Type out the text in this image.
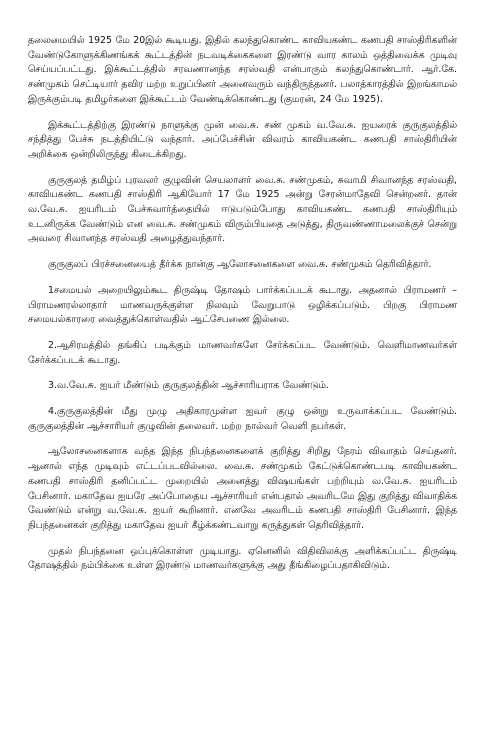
தலைமையில் 1925 மே 20இல் கூடியது. இதில் கலந்துகொண்ட காவியகண்ட கணபதி சாஸ்திரிகளின் வேண்டுகோளுக்கிணங்கக் கூட்டத்தின் நடவடிக்கைகளை இரண்டு வார காலம் ஒத்திவைக்க முடிவு செய்யப்பட்டது. இக்கூட்டத்தில் சரவணானந்த சரஸ்வதி என்பாரும் கலந்துகொண்டார். ஆர்.கே. சண்முகம் செட்டியார் தவிர மற்ற உறுப்பினர் அனைவரும் வந்திருந்தனர். பலாத்காரத்தில் இறங்காமல் இருக்கும்படி தமிழர்களை இக்கூட்டம் வேண்டிக்கொண்டது (குமரன், 24 மே 1925).

இக்கூட்டத்திற்கு இரண்டு நாளுக்கு முன் வை.சு. சண் முகம் வ.வே.சு. ஐயரைக் குருகுலத்தில் சந்தித்து பேச்சு நடத்தியிட்டு வந்தார். அப்பேச்சின் விவரம் காவியகண்ட கணபதி சாஸ்திரியின் அறிக்கை ஒன்றிலிருந்து கிடைக்கிறது.

குருகுலத் தமிழ்ப் புரவலர் குழுவின் செயலாளர் வை.சு. சண்முகம், சுவாமி சிவானந்த சரஸ்வதி, காவியகண்ட கணபதி சாஸ்திரி ஆகியோர் 17 மே 1925 அன்று சேரன்மாதேவி சென்றனர். தான் வ.வே.சு. ஐயரிடம் பேச்சுவார்த்தையில் ஈடுபடும்போது காவியகண்ட கணபதி சாஸ்திரியும் உடனிருக்க வேண்டும் என வை.சு. சண்முகம் விரும்பியதை அடுத்து, திருவண்ணாமலைக்குச் சென்று அவரை சிவானந்த சரஸ்வதி அழைத்துவந்தார்.

குருகுலப் பிரச்சனையைத் தீர்க்க நான்கு ஆலோசனைகளை வை.சு. சண்முகம் தெரிவித்தார்.

1சமையல் அறையிலும்கூட திருஷ்டி தோஷம் பார்க்கப்படக் கூடாது. அதனால் பிராமணர் – பிராமணரல்லாதார் மாணவருக்குள்ள நிலவும் வேறுபாடு ஒழிக்கப்படும். பிறகு பிராமண சமையல்காரரை வைத்துக்கொள்வதில் ஆட்சேபணை இல்லை.

2.ஆசிரமத்தில் தங்கிப் படிக்கும் மாணவர்களே சேர்க்கப்பட வேண்டும். வெளிமாணவர்கள் சேர்க்கப்படக் கூடாது.

3.வ.வே.சு. ஐயர் மீண்டும் குருகுலத்தின் ஆச்சாரியராக வேண்டும்.

4.குருகுலத்தின் மீது முழு அதிகாரமுள்ள ஐவர் குழு ஒன்று உருவாக்கப்பட வேண்டும். குருகுலத்தின் ஆச்சாரியர் குழுவின் தலைவர். மற்ற நால்வர் வெளி நபர்கள்.

ஆலோசனைகளாக வந்த இந்த நிபந்தனைகளைக் குறித்து சிறிது நேரம் விவாதம் செய்தனர். ஆனால் எந்த முடிவும் எட்டப்படவில்லை. வை.சு. சண்முகம் கேட்டுக்கொண்டபடி காவியகண்ட கணபதி சாஸ்திரி தனிப்பட்ட முறையில் அனைத்து விஷயங்கள் பற்றியும் வ.வே.சு. ஐயரிடம் பேசினார். மகாதேவ ஐயரே அப்போதைய ஆச்சாரியர் என்பதால் அவரிடமே இது குறித்து விவாதிக்க வேண்டும் என்று வ.வே.சு. ஐயர் கூறினார். எனவே அவரிடம் கணபதி சாஸ்திரி பேசினார். இந்த நிபந்தனைகள் குறித்து மகாதேவ ஐயர் கீழ்க்கண்டவாறு கருத்துகள் தெரிவித்தார்.

முதல் நிபந்தனை ஒப்புக்கொள்ள முடியாது. ஏனெனில் விதிவிலக்கு அளிக்கப்பட்ட திருஷ்டி தோஷத்தில் நம்பிக்கை உள்ள இரண்டு மாணவர்களுக்கு அது தீங்கிழைப்பதாகிவிடும்.
